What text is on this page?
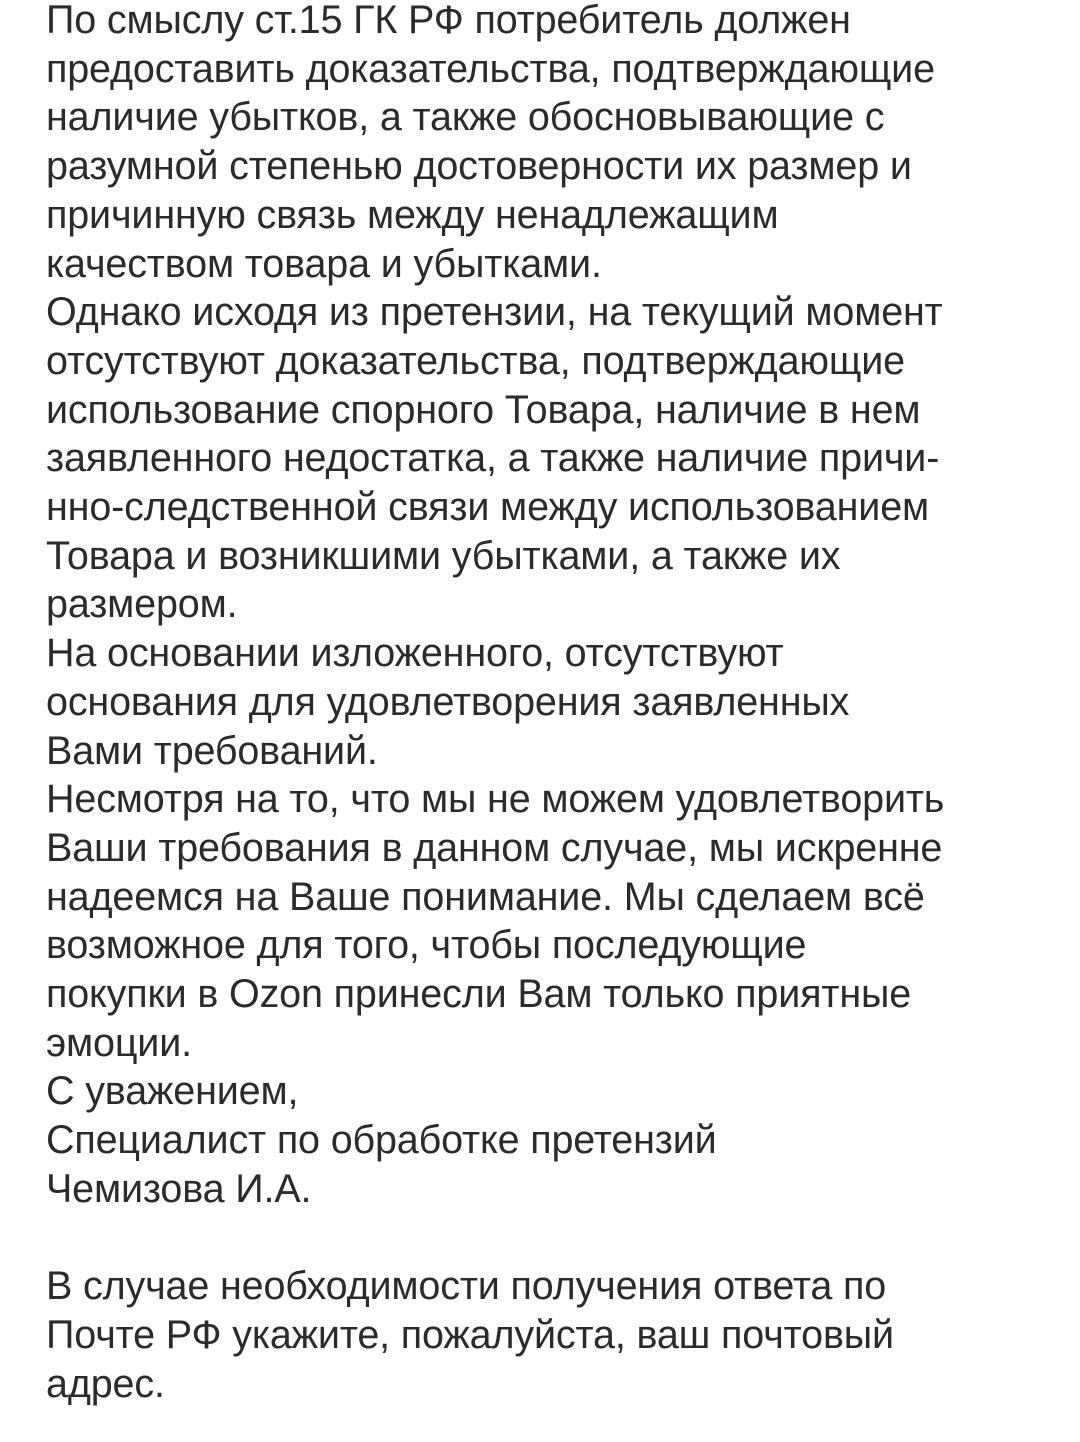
По смыслу ст.15 ГК РФ потребитель должен
предоставить доказательства, подтверждающие
наличие убытков, а также обосновывающие с
разумной степенью достоверности их размер и
причинную связь между ненадлежащим
качеством товара и убытками.
Однако исходя из претензии, на текущий момент
отсутствуют доказательства, подтверждающие
использование спорного Товара, наличие в нем
заявленного недостатка, а также наличие причи-
нно-следственной связи между использованием
Товара и возникшими убытками, а также их
размером.
На основании изложенного, отсутствуют
основания для удовлетворения заявленных
Вами требований.
Несмотря на то, что мы не можем удовлетворить
Ваши требования в данном случае, мы искренне
надеемся на Ваше понимание. Мы сделаем всё
возможное для того, чтобы последующие
покупки в Ozon принесли Вам только приятные
эмоции.
С уважением,
Специалист по обработке претензий
Чемизова И.А.
В случае необходимости получения ответа по
Почте РФ укажите, пожалуйста, ваш почтовый
адрес.
